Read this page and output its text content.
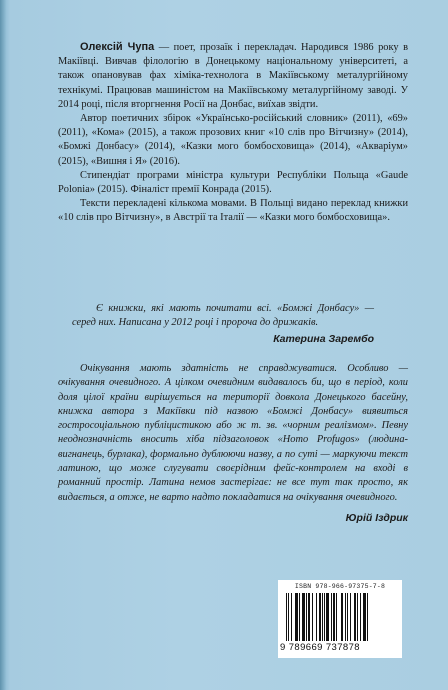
Олексій Чупа — поет, прозаїк і перекладач. Народився 1986 року в Макіївці. Вивчав філологію в Донецькому національному університеті, а також опановував фах хіміка-технолога в Макіївському металургійному технікумі. Працював машиністом на Макіївському металургійному заводі. У 2014 році, після вторгнення Росії на Донбас, виїхав звідти.

Автор поетичних збірок «Українсько-російський словник» (2011), «69» (2011), «Кома» (2015), а також прозових книг «10 слів про Вітчизну» (2014), «Бомжі Донбасу» (2014), «Казки мого бомбосховища» (2014), «Акваріум» (2015), «Вишня і Я» (2016).

Стипендіат програми міністра культури Республіки Польща «Gaude Polonia» (2015). Фіналіст премії Конрада (2015).

Тексти перекладені кількома мовами. В Польщі видано переклад книжки «10 слів про Вітчизну», в Австрії та Італії — «Казки мого бомбосховища».

Є книжки, які мають почитати всі. «Бомжі Донбасу» — серед них. Написана у 2012 році і пророча до дрижаків.

Катерина Зарембо

Очікування мають здатність не справджуватися. Особливо — очікування очевидного. А цілком очевидним видавалось би, що в період, коли доля цілої країни вирішується на території довкола Донецького басейну, книжка автора з Макіївки під назвою «Бомжі Донбасу» виявиться гостросоціальною публіцистикою або ж т. зв. «чорним реалізмом». Певну неоднозначність вносить хіба підзаголовок «Homo Profugos» (людина-вигнанець, бурлака), формально дублюючи назву, а по суті — маркуючи текст латиною, що може слугувати своєрідним фейс-контролем на вході в романний простір. Латина немов застерігає: не все тут так просто, як видається, а отже, не варто надто покладатися на очікування очевидного.

Юрій Іздрик
ISBN 978-966-97375-7-8
9 789669 737878
